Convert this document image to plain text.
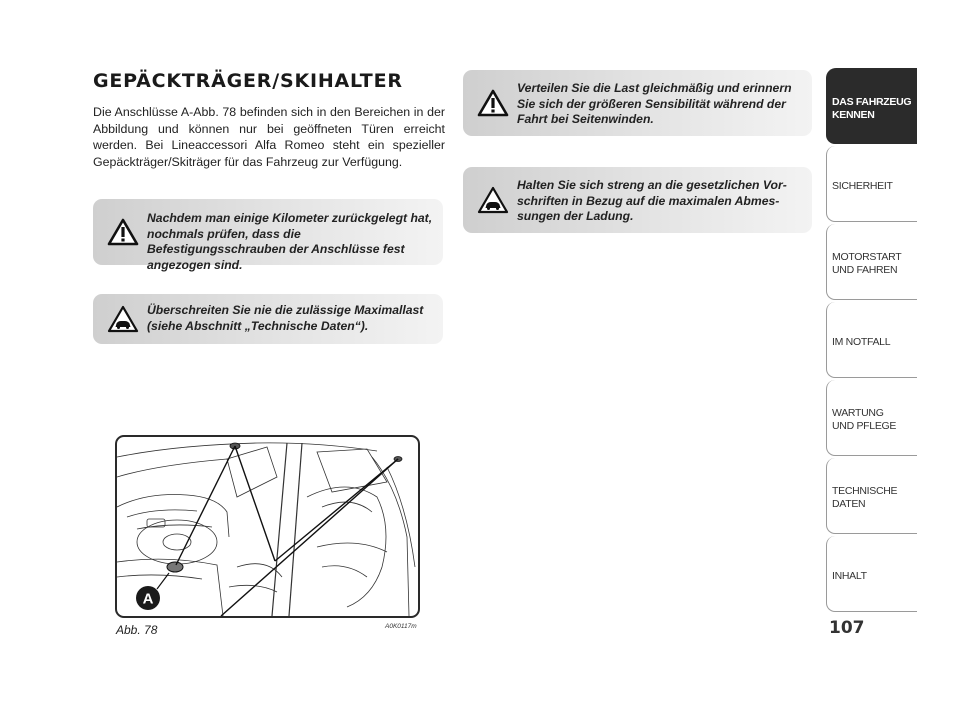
GEPÄCKTRÄGER/SKIHALTER

Die Anschlüsse A-Abb. 78 befinden sich in den Bereichen in der Abbildung und können nur bei geöffneten Türen erreicht werden. Bei Lineaccessori Alfa Romeo steht ein spezieller Gepäckträger/Skiträger für das Fahrzeug zur Verfügung.

Nachdem man einige Kilometer zurückgelegt hat, nochmals prüfen, dass die Befestigungsschrauben der Anschlüsse fest angezogen sind.

Überschreiten Sie nie die zulässige Maximallast (siehe Abschnitt „Technische Daten“).

Verteilen Sie die Last gleichmäßig und erinnern Sie sich der größeren Sensibilität während der Fahrt bei Seitenwinden.

Halten Sie sich streng an die gesetzlichen Vorschriften in Bezug auf die maximalen Abmessungen der Ladung.

A
Abb. 78	A0K0117m
DAS FAHRZEUG
KENNEN
SICHERHEIT
MOTORSTART
UND FAHREN
IM NOTFALL
WARTUNG
UND PFLEGE
TECHNISCHE
DATEN
INHALT
107
